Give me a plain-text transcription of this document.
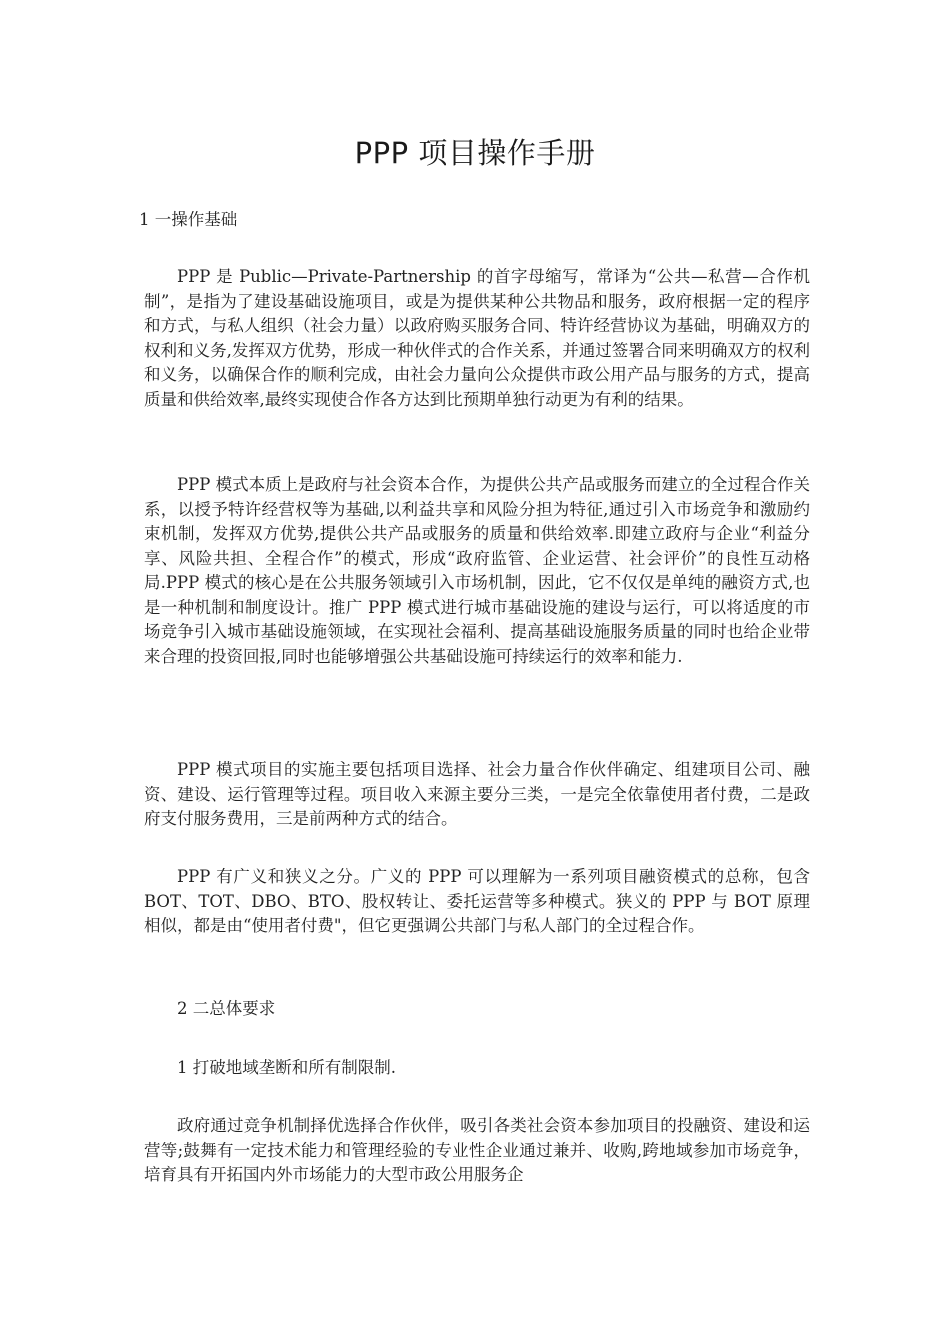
PPP 项目操作手册

1 一操作基础

PPP 是 Public—Private-Partnership 的首字母缩写，常译为“公共—私营—合作机制”，是指为了建设基础设施项目，或是为提供某种公共物品和服务，政府根据一定的程序和方式，与私人组织（社会力量）以政府购买服务合同、特许经营协议为基础，明确双方的权利和义务,发挥双方优势，形成一种伙伴式的合作关系，并通过签署合同来明确双方的权利和义务，以确保合作的顺利完成，由社会力量向公众提供市政公用产品与服务的方式，提高质量和供给效率,最终实现使合作各方达到比预期单独行动更为有利的结果。

PPP 模式本质上是政府与社会资本合作，为提供公共产品或服务而建立的全过程合作关系，以授予特许经营权等为基础,以利益共享和风险分担为特征,通过引入市场竞争和激励约束机制，发挥双方优势,提供公共产品或服务的质量和供给效率.即建立政府与企业“利益分享、风险共担、全程合作”的模式，形成“政府监管、企业运营、社会评价”的良性互动格局.PPP 模式的核心是在公共服务领域引入市场机制，因此，它不仅仅是单纯的融资方式,也是一种机制和制度设计。推广 PPP 模式进行城市基础设施的建设与运行，可以将适度的市场竞争引入城市基础设施领域，在实现社会福利、提高基础设施服务质量的同时也给企业带来合理的投资回报,同时也能够增强公共基础设施可持续运行的效率和能力.

PPP 模式项目的实施主要包括项目选择、社会力量合作伙伴确定、组建项目公司、融资、建设、运行管理等过程。项目收入来源主要分三类，一是完全依靠使用者付费，二是政府支付服务费用，三是前两种方式的结合。

PPP 有广义和狭义之分。广义的 PPP 可以理解为一系列项目融资模式的总称，包含 BOT、TOT、DBO、BTO、股权转让、委托运营等多种模式。狭义的 PPP 与 BOT 原理相似，都是由“使用者付费"，但它更强调公共部门与私人部门的全过程合作。

2 二总体要求

1 打破地域垄断和所有制限制.

政府通过竞争机制择优选择合作伙伴，吸引各类社会资本参加项目的投融资、建设和运营等;鼓舞有一定技术能力和管理经验的专业性企业通过兼并、收购,跨地域参加市场竞争，培育具有开拓国内外市场能力的大型市政公用服务企
